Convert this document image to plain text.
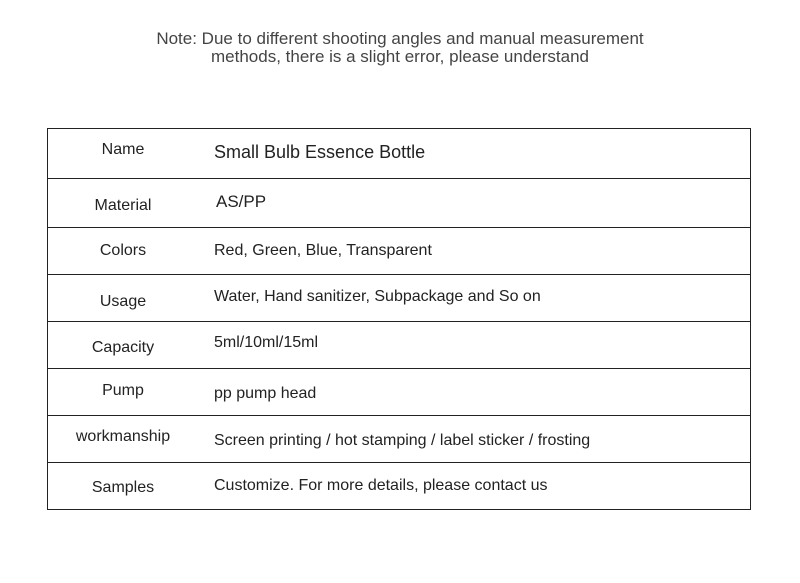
Note: Due to different shooting angles and manual measurement

methods, there is a slight error, please understand

Name	Small Bulb Essence Bottle
Material	AS/PP
Colors	Red, Green, Blue, Transparent
Usage	Water, Hand sanitizer, Subpackage and So on
Capacity	5ml/10ml/15ml
Pump	pp pump head
workmanship	Screen printing / hot stamping / label sticker / frosting
Samples	Customize. For more details, please contact us
